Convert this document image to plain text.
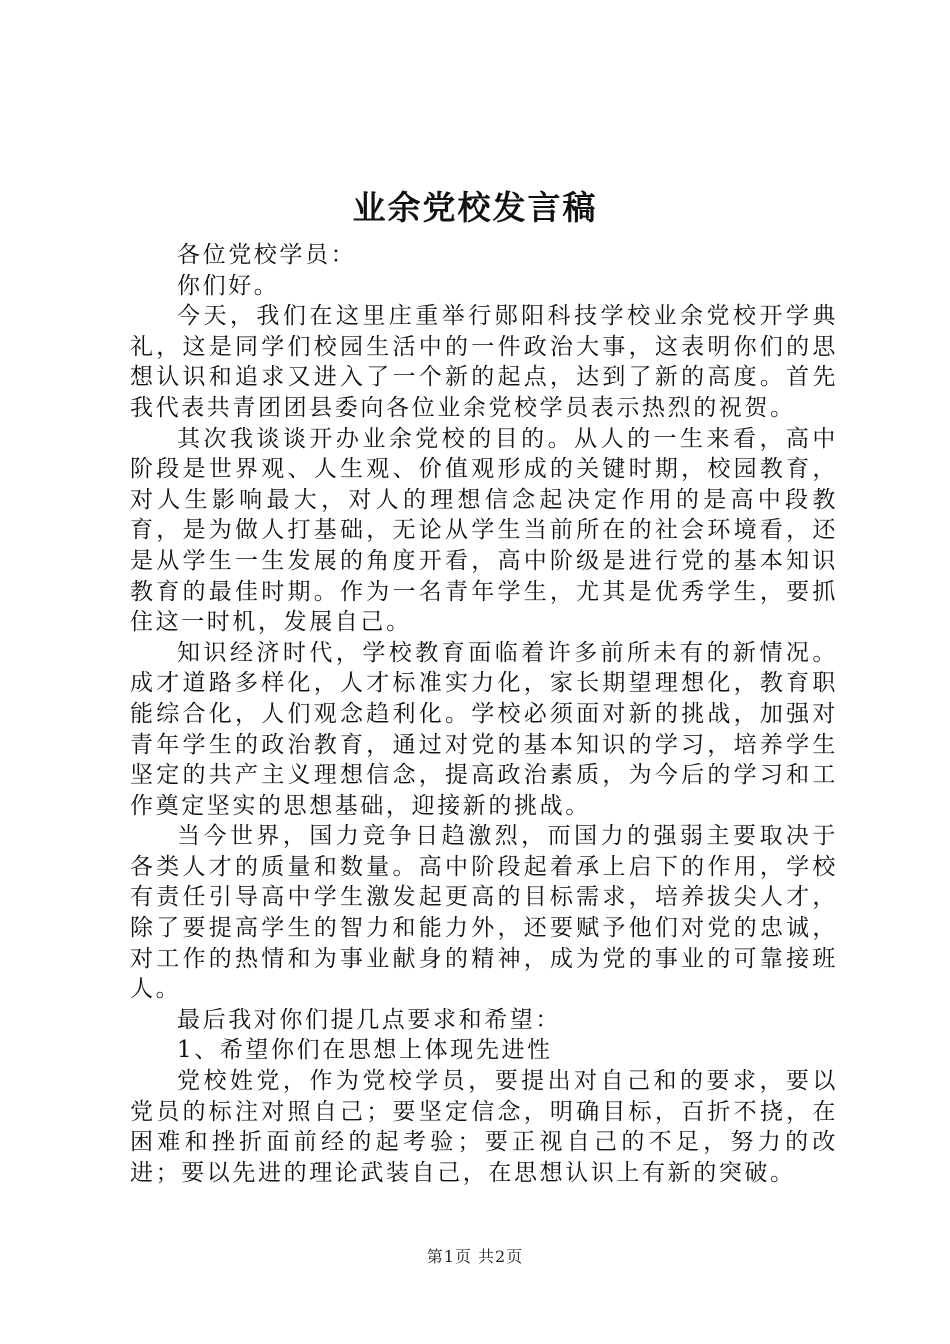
业余党校发言稿

各位党校学员：

你们好。

今天，我们在这里庄重举行郧阳科技学校业余党校开学典礼，这是同学们校园生活中的一件政治大事，这表明你们的思想认识和追求又进入了一个新的起点，达到了新的高度。首先我代表共青团团县委向各位业余党校学员表示热烈的祝贺。

其次我谈谈开办业余党校的目的。从人的一生来看，高中阶段是世界观、人生观、价值观形成的关键时期，校园教育，对人生影响最大，对人的理想信念起决定作用的是高中段教育，是为做人打基础，无论从学生当前所在的社会环境看，还是从学生一生发展的角度开看，高中阶级是进行党的基本知识教育的最佳时期。作为一名青年学生，尤其是优秀学生，要抓住这一时机，发展自己。

知识经济时代，学校教育面临着许多前所未有的新情况。成才道路多样化，人才标准实力化，家长期望理想化，教育职能综合化，人们观念趋利化。学校必须面对新的挑战，加强对青年学生的政治教育，通过对党的基本知识的学习，培养学生坚定的共产主义理想信念，提高政治素质，为今后的学习和工作奠定坚实的思想基础，迎接新的挑战。

当今世界，国力竞争日趋激烈，而国力的强弱主要取决于各类人才的质量和数量。高中阶段起着承上启下的作用，学校有责任引导高中学生激发起更高的目标需求，培养拔尖人才，除了要提高学生的智力和能力外，还要赋予他们对党的忠诚，对工作的热情和为事业献身的精神，成为党的事业的可靠接班人。

最后我对你们提几点要求和希望：

1、希望你们在思想上体现先进性

党校姓党，作为党校学员，要提出对自己和的要求，要以党员的标注对照自己；要坚定信念，明确目标，百折不挠，在困难和挫折面前经的起考验；要正视自己的不足，努力的改进；要以先进的理论武装自己，在思想认识上有新的突破。

第1页 共2页
